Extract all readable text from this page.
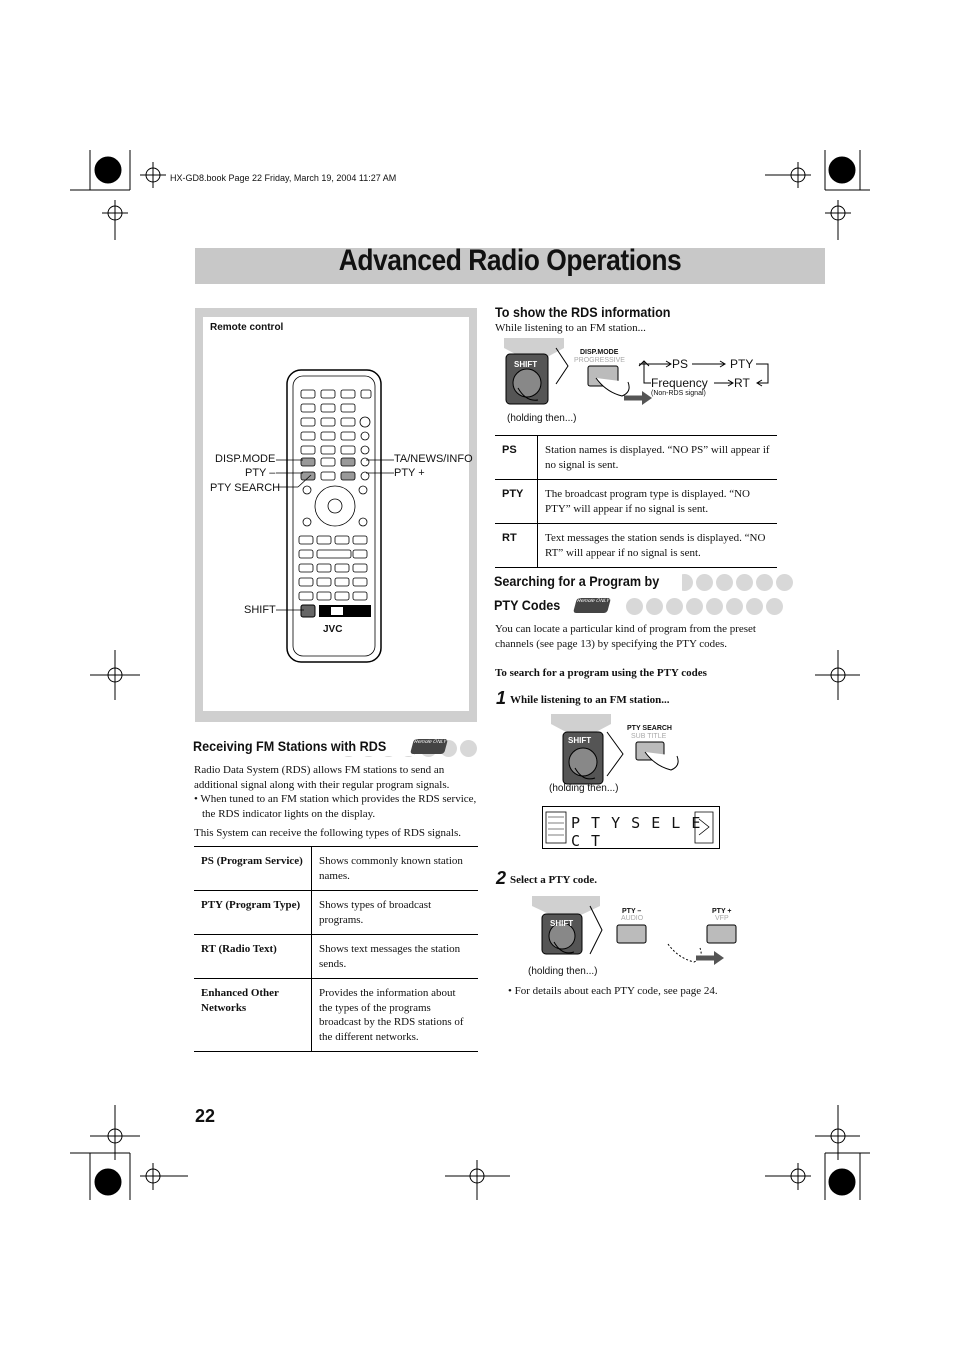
HX-GD8.book Page 22 Friday, March 19, 2004 11:27 AM
Advanced Radio Operations
Remote control
JVC
DISP.MODE
PTY –
PTY SEARCH
TA/NEWS/INFO
PTY +
SHIFT
Receiving FM Stations with RDS	Remote ONLY
Radio Data System (RDS) allows FM stations to send an additional signal along with their regular program signals.
• When tuned to an FM station which provides the RDS service, the RDS indicator lights on the display.
This System can receive the following types of RDS signals.
PS (Program Service)	Shows commonly known station names.
PTY (Program Type)	Shows types of broadcast programs.
RT (Radio Text)	Shows text messages the station sends.
Enhanced Other Networks	Provides the information about the types of the programs broadcast by the RDS stations of the different networks.
To show the RDS information
While listening to an FM station...
SHIFT
DISP.MODE
PROGRESSIVE	PS	PTY
Frequency RT
(Non-RDS signal)
(holding then...)
PS	Station names is displayed. “NO PS” will appear if no signal is sent.
PTY	The broadcast program type is displayed. “NO PTY” will appear if no signal is sent.
RT	Text messages the station sends is displayed. “NO RT” will appear if no signal is sent.
Searching for a Program by
PTY Codes	Remote ONLY
You can locate a particular kind of program from the preset channels (see page 13) by specifying the PTY codes.
To search for a program using the PTY codes
1 While listening to an FM station...
SHIFT
PTY SEARCH
SUB TITLE
(holding then...)
P T Y S E L E C T
2 Select a PTY code.
SHIFT
PTY –
AUDIO
PTY +
VFP
(holding then...)
• For details about each PTY code, see page 24.
22
